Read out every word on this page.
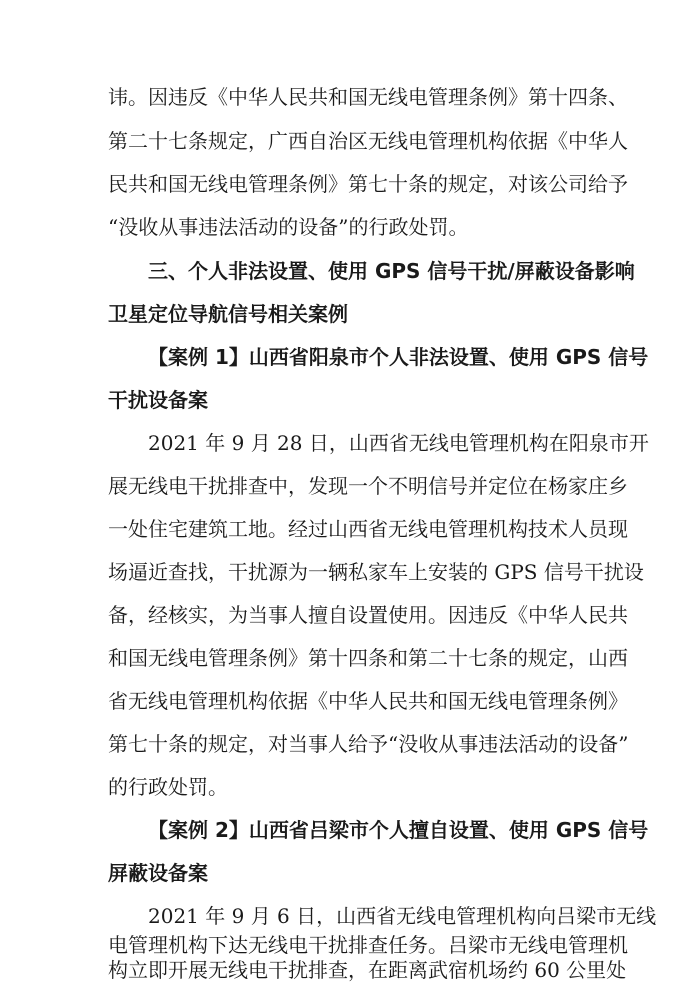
讳。因违反《中华人民共和国无线电管理条例》第十四条、
第二十七条规定，广西自治区无线电管理机构依据《中华人
民共和国无线电管理条例》第七十条的规定，对该公司给予
“没收从事违法活动的设备”的行政处罚。
三、个人非法设置、使用 GPS 信号干扰/屏蔽设备影响
卫星定位导航信号相关案例
【案例 1】山西省阳泉市个人非法设置、使用 GPS 信号
干扰设备案
2021 年 9 月 28 日，山西省无线电管理机构在阳泉市开
展无线电干扰排查中，发现一个不明信号并定位在杨家庄乡
一处住宅建筑工地。经过山西省无线电管理机构技术人员现
场逼近查找，干扰源为一辆私家车上安装的 GPS 信号干扰设
备，经核实，为当事人擅自设置使用。因违反《中华人民共
和国无线电管理条例》第十四条和第二十七条的规定，山西
省无线电管理机构依据《中华人民共和国无线电管理条例》
第七十条的规定，对当事人给予“没收从事违法活动的设备”
的行政处罚。
【案例 2】山西省吕梁市个人擅自设置、使用 GPS 信号
屏蔽设备案
2021 年 9 月 6 日，山西省无线电管理机构向吕梁市无线
电管理机构下达无线电干扰排查任务。吕梁市无线电管理机
构立即开展无线电干扰排查，在距离武宿机场约 60 公里处
